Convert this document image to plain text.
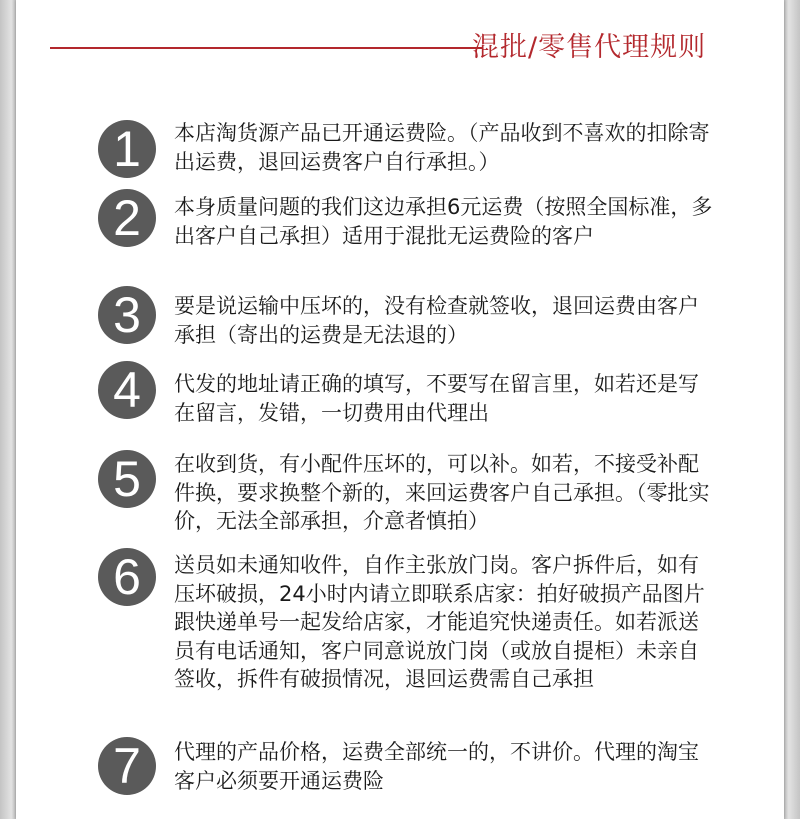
混批/零售代理规则
1	本店淘货源产品已开通运费险。（产品收到不喜欢的扣除寄出运费，退回运费客户自行承担。）
2	本身质量问题的我们这边承担6元运费（按照全国标准，多出客户自己承担）适用于混批无运费险的客户
3	要是说运输中压坏的，没有检查就签收，退回运费由客户承担（寄出的运费是无法退的）
4	代发的地址请正确的填写，不要写在留言里，如若还是写在留言，发错，一切费用由代理出
5	在收到货，有小配件压坏的，可以补。如若，不接受补配件换，要求换整个新的，来回运费客户自己承担。（零批实价，无法全部承担，介意者慎拍）
6	送员如未通知收件，自作主张放门岗。客户拆件后，如有压坏破损，24小时内请立即联系店家：拍好破损产品图片跟快递单号一起发给店家，才能追究快递责任。如若派送员有电话通知，客户同意说放门岗（或放自提柜）未亲自签收，拆件有破损情况，退回运费需自己承担
7	代理的产品价格，运费全部统一的，不讲价。代理的淘宝客户必须要开通运费险
